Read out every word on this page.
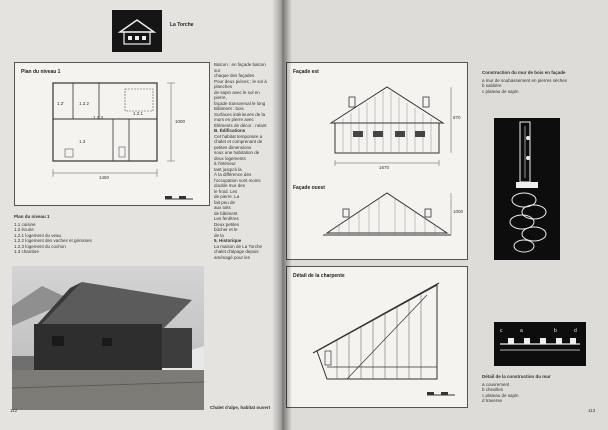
La Torche
Plan du niveau 1
1.2'	1.2.2
1.2.3
1.3
1.2.1
1450
1000
Plan du niveau 1
1.1 cuisine
1.2 écurie
1.2.1 logement du veau
1.2.2 logement des vaches et génisses
1.2.3 logement du cochon
1.3 chambre
Balcon : en façade balcon sur
chaque des façades
Pour deux pièces ; le sol à planches
de sapin avec le sol en pierre,
façade transversal le long
Bâtiment : bois
Surfaces intérieures de la
murs en pierre avec
Éléments de décor : néant
B. Édifications
Cet habitat temporaire a
chalet et comprenant de
petites dimensions
sous une habitation de
deux logements
à l'intérieur
tant jusqu'à la
À la différence des
l'occupation sont moins
double mur des
le froid. Les
de pierre. La
fait peu de
aux toits
de bâtiment
Les fenêtres
Deux petites
bûcher et le
de la
5. Historique
La maison de La Torche
chalet d'alpage depuis
aménagé pour les
Chalet d'alpe, habitat ouvert
112
Façade est
Façade ouest
1670
870
1000
Détail de la charpente
Construction du mur de bois en façade
a mur de soubassement en pierres sèches
b sablière
c plateau de sapin
c	a	b	d
Détail de la construction du mur
a couvrement
b chevilles
c plateau de sapin
d traverse
113
